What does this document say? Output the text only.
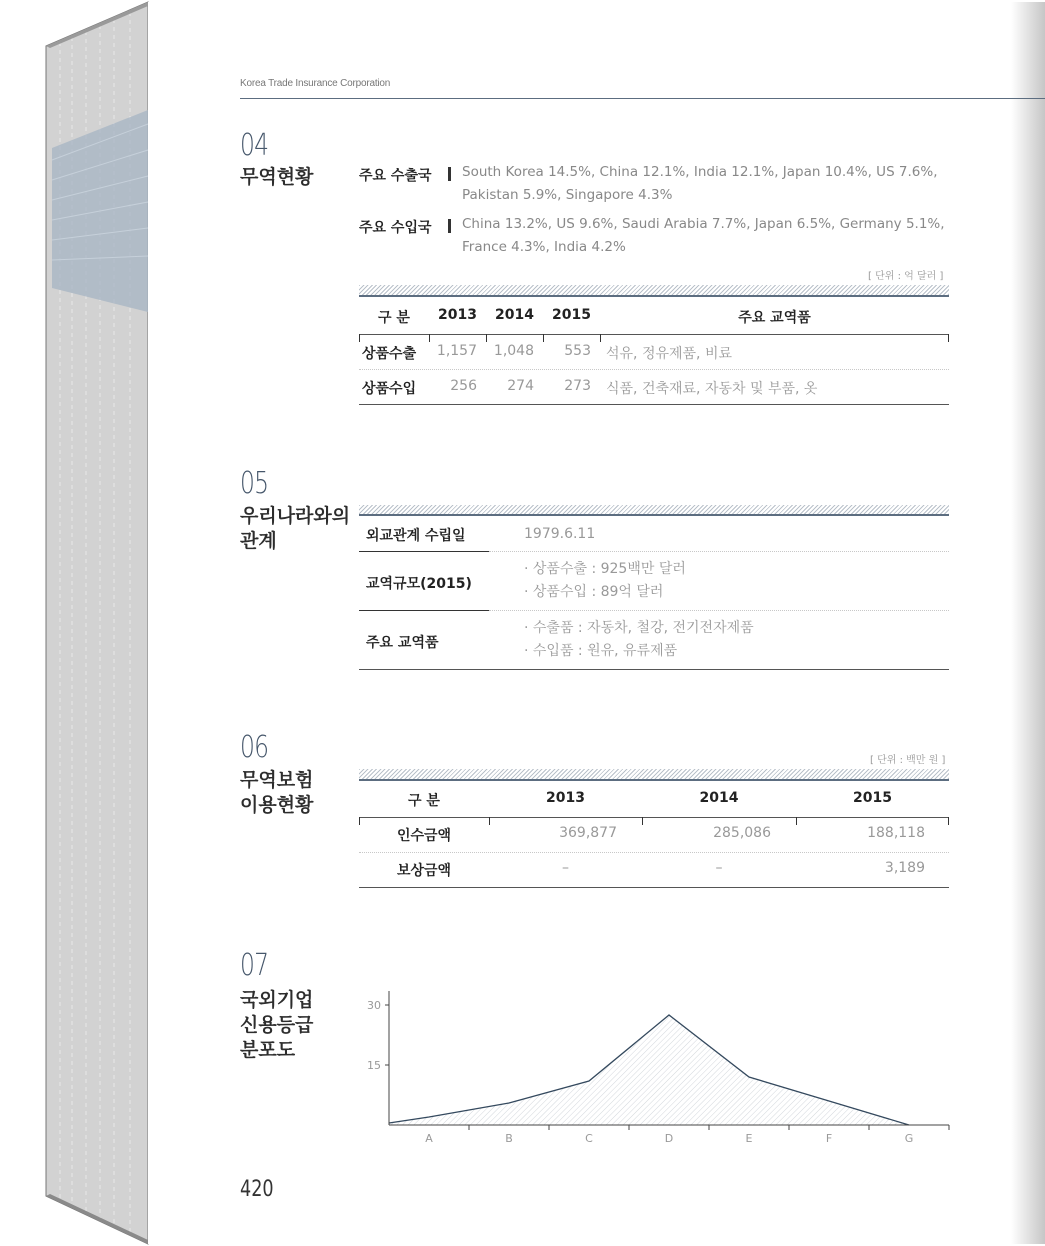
Korea Trade Insurance Corporation
04
무역현황	주요 수출국 South Korea 14.5%, China 12.1%, India 12.1%, Japan 10.4%, US 7.6%,
Pakistan 5.9%, Singapore 4.3%
주요 수입국 China 13.2%, US 9.6%, Saudi Arabia 7.7%, Japan 6.5%, Germany 5.1%,
France 4.3%, India 4.2%
[ 단위 : 억 달러 ]
구 분	2013	2014	2015	주요 교역품
상품수출	1,157	1,048	553 석유, 정유제품, 비료
상품수입	256	274	273 식품, 건축재료, 자동차 및 부품, 옷
05
우리나라와의
관계	외교관계 수립일	1979.6.11
교역규모(2015)
· 상품수출 : 925백만 달러
· 상품수입 : 89억 달러
주요 교역품
· 수출품 : 자동차, 철강, 전기전자제품
· 수입품 : 원유, 유류제품
06
무역보험
이용현황
[ 단위 : 백만 원 ]
구 분	2013	2014	2015
인수금액	369,877	285,086	188,118
보상금액	–	–	3,189
07
국외기업
신용등급
분포도
15
30
A	B	C	D	E	F	G
420
